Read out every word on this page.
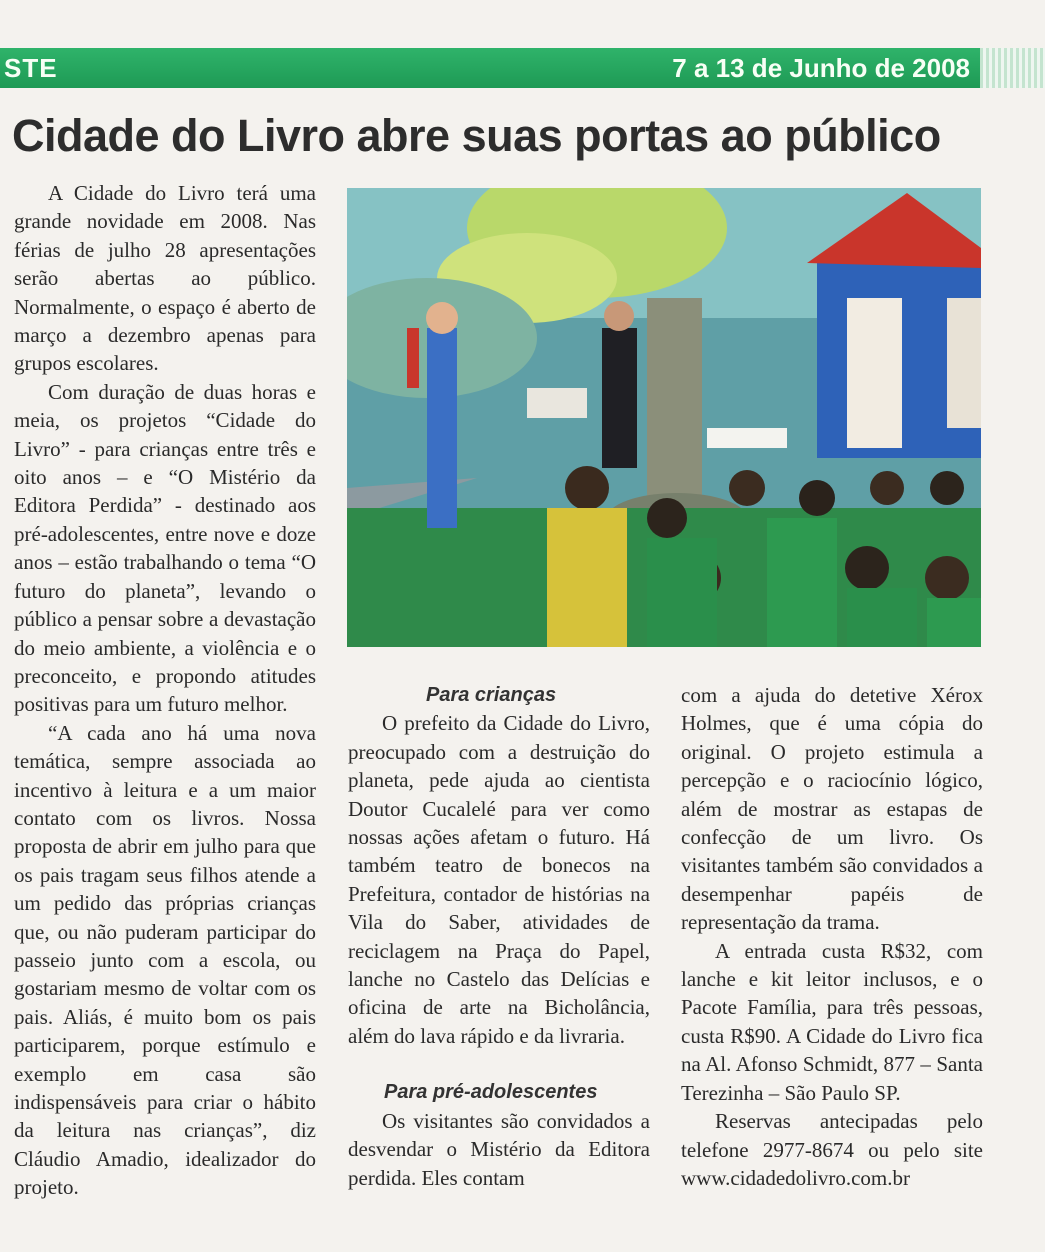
STE	7 a 13 de Junho de 2008
Cidade do Livro abre suas portas ao público

A Cidade do Livro terá uma grande novidade em 2008. Nas férias de julho 28 apresentações serão abertas ao público. Normalmente, o espaço é aberto de março a dezembro apenas para grupos escolares.

Com duração de duas horas e meia, os projetos “Cidade do Livro” - para crianças entre três e oito anos – e “O Mistério da Editora Perdida” - destinado aos pré-adolescentes, entre nove e doze anos – estão trabalhando o tema “O futuro do planeta”, levando o público a pensar sobre a devastação do meio ambiente, a violência e o preconceito, e propondo atitudes positivas para um futuro melhor.

“A cada ano há uma nova temática, sempre associada ao incentivo à leitura e a um maior contato com os livros. Nossa proposta de abrir em julho para que os pais tragam seus filhos atende a um pedido das próprias crianças que, ou não puderam participar do passeio junto com a escola, ou gostariam mesmo de voltar com os pais. Aliás, é muito bom os pais participarem, porque estímulo e exemplo em casa são indispensáveis para criar o hábito da leitura nas crianças”, diz Cláudio Amadio, idealizador do projeto.

Para crianças

O prefeito da Cidade do Livro, preocupado com a destruição do planeta, pede ajuda ao cientista Doutor Cucalelé para ver como nossas ações afetam o futuro. Há também teatro de bonecos na Prefeitura, contador de histórias na Vila do Saber, atividades de reciclagem na Praça do Papel, lanche no Castelo das Delícias e oficina de arte na Bicholância, além do lava rápido e da livraria.

Para pré-adolescentes

Os visitantes são convidados a desvendar o Mistério da Editora perdida. Eles contam

com a ajuda do detetive Xérox Holmes, que é uma cópia do original. O projeto estimula a percepção e o raciocínio lógico, além de mostrar as estapas de confecção de um livro. Os visitantes também são convidados a desempenhar papéis de representação da trama.

A entrada custa R$32, com lanche e kit leitor inclusos, e o Pacote Família, para três pessoas, custa R$90. A Cidade do Livro fica na Al. Afonso Schmidt, 877 – Santa Terezinha – São Paulo SP.

Reservas antecipadas pelo telefone 2977-8674 ou pelo site www.cidadedolivro.com.br
